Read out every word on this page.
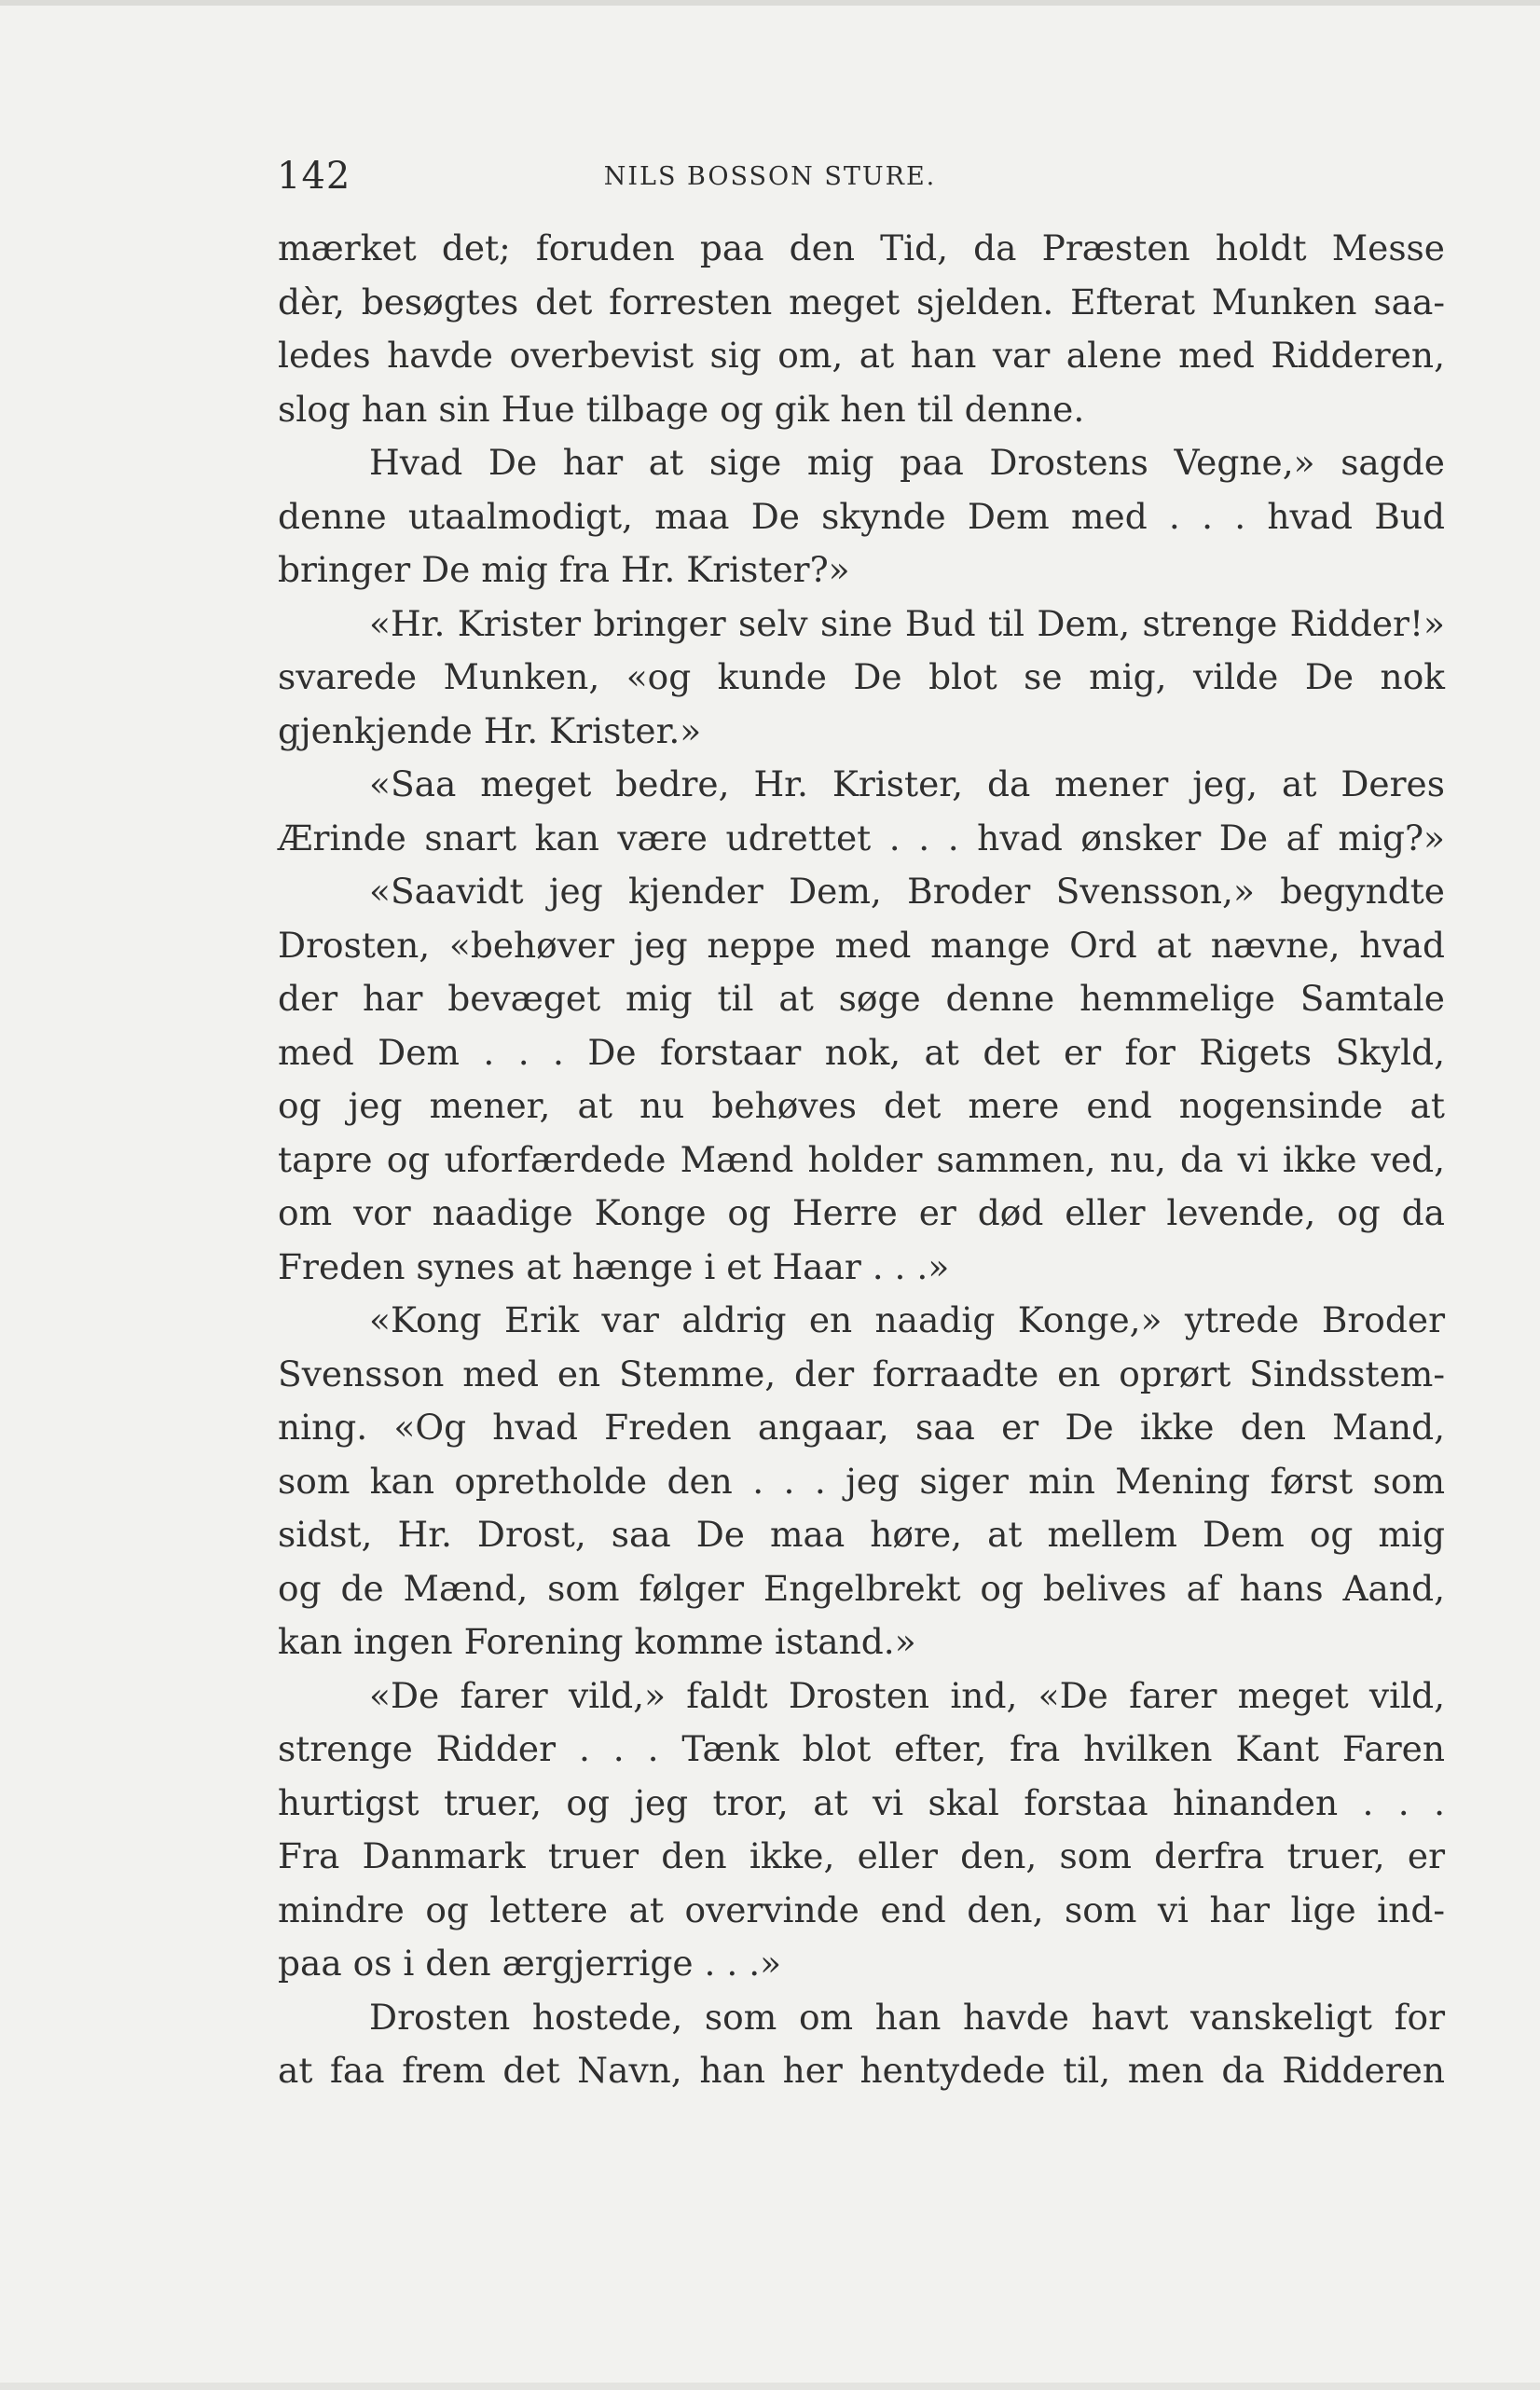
142	NILS BOSSON STURE.
mærket det; foruden paa den Tid, da Præsten holdt Messe
dèr, besøgtes det forresten meget sjelden. Efterat Munken saa-
ledes havde overbevist sig om, at han var alene med Ridderen,
slog han sin Hue tilbage og gik hen til denne.
Hvad De har at sige mig paa Drostens Vegne,» sagde
denne utaalmodigt, maa De skynde Dem med . . . hvad Bud
bringer De mig fra Hr. Krister?»
«Hr. Krister bringer selv sine Bud til Dem, strenge Ridder!»
svarede Munken, «og kunde De blot se mig, vilde De nok
gjenkjende Hr. Krister.»
«Saa meget bedre, Hr. Krister, da mener jeg, at Deres
Ærinde snart kan være udrettet . . . hvad ønsker De af mig?»
«Saavidt jeg kjender Dem, Broder Svensson,» begyndte
Drosten, «behøver jeg neppe med mange Ord at nævne, hvad
der har bevæget mig til at søge denne hemmelige Samtale
med Dem . . . De forstaar nok, at det er for Rigets Skyld,
og jeg mener, at nu behøves det mere end nogensinde at
tapre og uforfærdede Mænd holder sammen, nu, da vi ikke ved,
om vor naadige Konge og Herre er død eller levende, og da
Freden synes at hænge i et Haar . . .»
«Kong Erik var aldrig en naadig Konge,» ytrede Broder
Svensson med en Stemme, der forraadte en oprørt Sindsstem-
ning. «Og hvad Freden angaar, saa er De ikke den Mand,
som kan opretholde den . . . jeg siger min Mening først som
sidst, Hr. Drost, saa De maa høre, at mellem Dem og mig
og de Mænd, som følger Engelbrekt og belives af hans Aand,
kan ingen Forening komme istand.»
«De farer vild,» faldt Drosten ind, «De farer meget vild,
strenge Ridder . . . Tænk blot efter, fra hvilken Kant Faren
hurtigst truer, og jeg tror, at vi skal forstaa hinanden . . .
Fra Danmark truer den ikke, eller den, som derfra truer, er
mindre og lettere at overvinde end den, som vi har lige ind-
paa os i den ærgjerrige . . .»
Drosten hostede, som om han havde havt vanskeligt for
at faa frem det Navn, han her hentydede til, men da Ridderen
